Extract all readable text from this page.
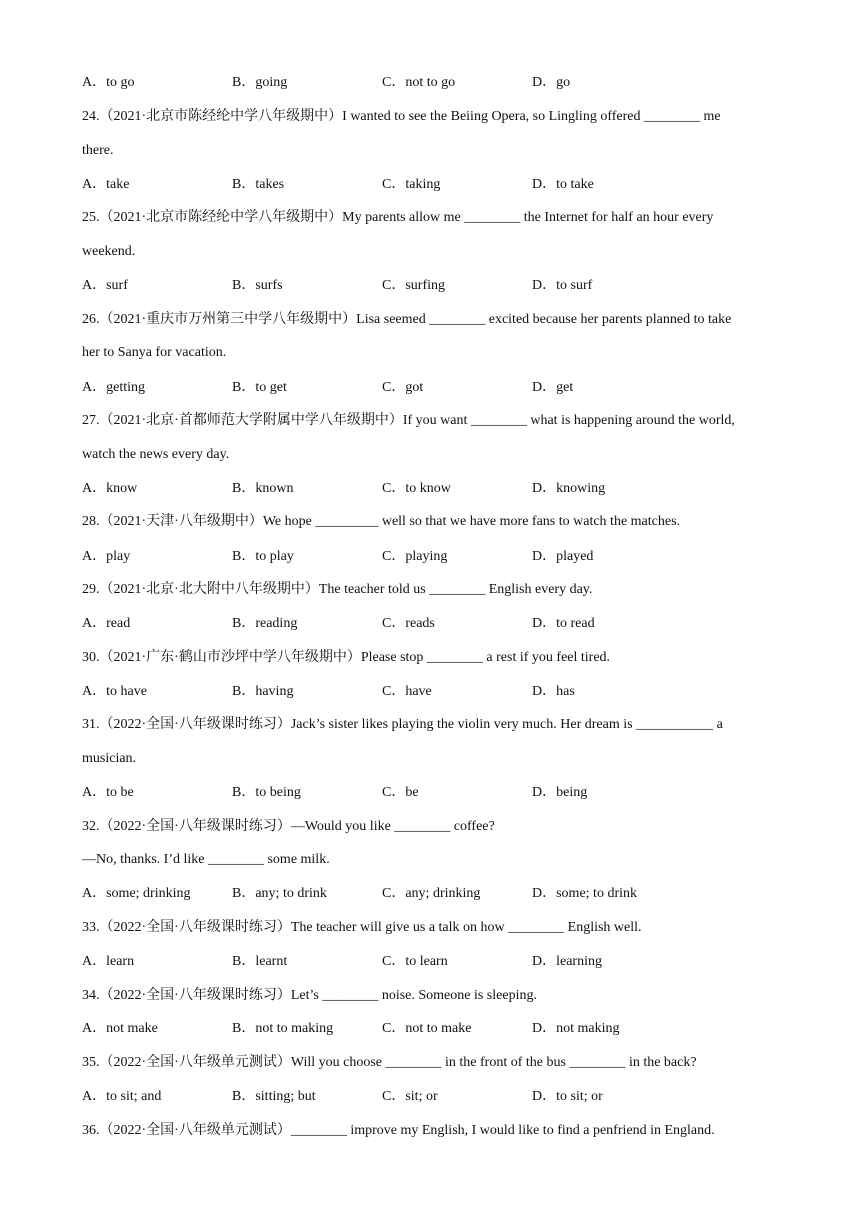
A．to go	B．going	C．not to go	D．go
24.（2021·北京市陈经纶中学八年级期中）I wanted to see the Beiing Opera, so Lingling offered ________ me
there.
A．take	B．takes	C．taking	D．to take
25.（2021·北京市陈经纶中学八年级期中）My parents allow me ________ the Internet for half an hour every
weekend.
A．surf	B．surfs	C．surfing	D．to surf
26.（2021·重庆市万州第三中学八年级期中）Lisa seemed ________ excited because her parents planned to take
her to Sanya for vacation.
A．getting	B．to get	C．got	D．get
27.（2021·北京·首都师范大学附属中学八年级期中）If you want ________ what is happening around the world,
watch the news every day.
A．know	B．known	C．to know	D．knowing
28.（2021·天津·八年级期中）We hope _________ well so that we have more fans to watch the matches.
A．play	B．to play	C．playing	D．played
29.（2021·北京·北大附中八年级期中）The teacher told us ________ English every day.
A．read	B．reading	C．reads	D．to read
30.（2021·广东·鹤山市沙坪中学八年级期中）Please stop ________ a rest if you feel tired.
A．to have	B．having	C．have	D．has
31.（2022·全国·八年级课时练习）Jack’s sister likes playing the violin very much. Her dream is ___________ a
musician.
A．to be	B．to being	C．be	D．being
32.（2022·全国·八年级课时练习）—Would you like ________ coffee?
—No, thanks. I’d like ________ some milk.
A．some; drinking	B．any; to drink	C．any; drinking	D．some; to drink
33.（2022·全国·八年级课时练习）The teacher will give us a talk on how ________ English well.
A．learn	B．learnt	C．to learn	D．learning
34.（2022·全国·八年级课时练习）Let’s ________ noise. Someone is sleeping.
A．not make	B．not to making	C．not to make	D．not making
35.（2022·全国·八年级单元测试）Will you choose ________ in the front of the bus ________ in the back?
A．to sit; and	B．sitting; but	C．sit; or	D．to sit; or
36.（2022·全国·八年级单元测试）________ improve my English, I would like to find a penfriend in England.
